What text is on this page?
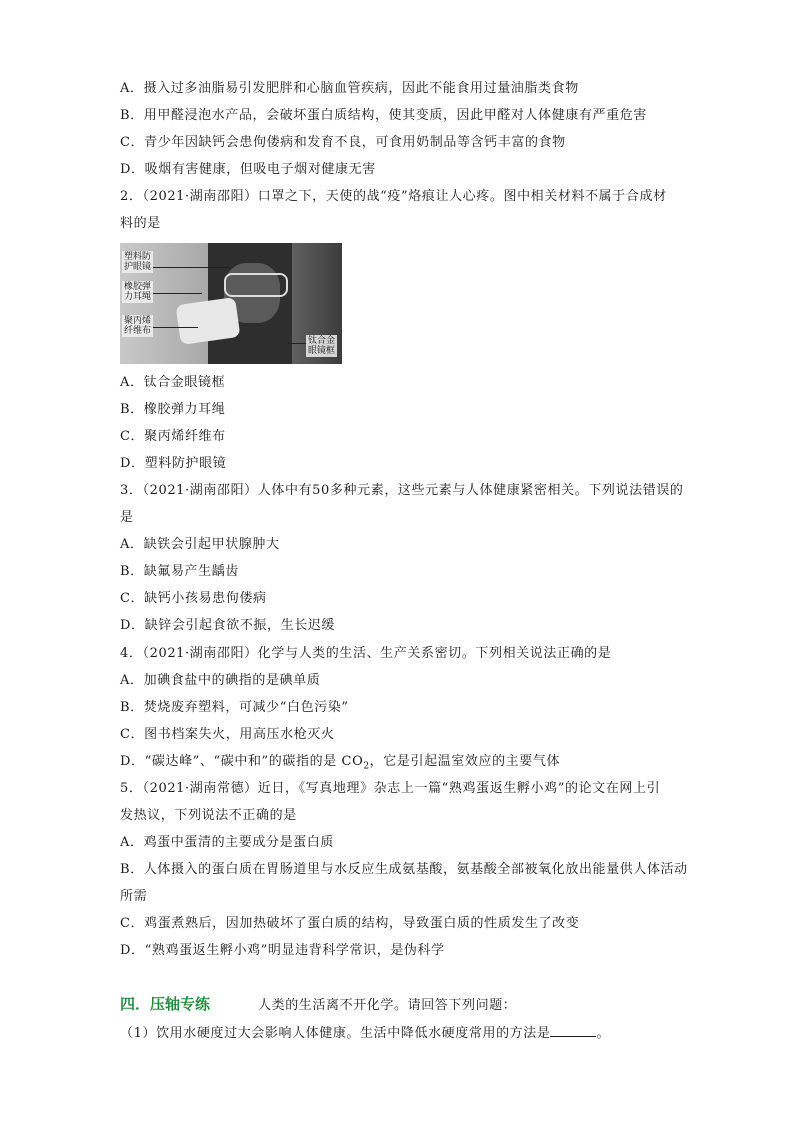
A．摄入过多油脂易引发肥胖和心脑血管疾病，因此不能食用过量油脂类食物
B．用甲醛浸泡水产品，会破坏蛋白质结构，使其变质，因此甲醛对人体健康有严重危害
C．青少年因缺钙会患佝偻病和发育不良，可食用奶制品等含钙丰富的食物
D．吸烟有害健康，但吸电子烟对健康无害
2．（2021·湖南邵阳）口罩之下，天使的战“疫”烙痕让人心疼。图中相关材料不属于合成材
料的是
塑料防
护眼镜
橡胶弹
力耳绳
聚丙烯
纤维布
钛合金
眼镜框
A．钛合金眼镜框
B．橡胶弹力耳绳
C．聚丙烯纤维布
D．塑料防护眼镜
3．（2021·湖南邵阳）人体中有50多种元素，这些元素与人体健康紧密相关。下列说法错误的
是
A．缺铁会引起甲状腺肿大
B．缺氟易产生龋齿
C．缺钙小孩易患佝偻病
D．缺锌会引起食欲不振，生长迟缓
4．（2021·湖南邵阳）化学与人类的生活、生产关系密切。下列相关说法正确的是
A．加碘食盐中的碘指的是碘单质
B．焚烧废弃塑料，可减少“白色污染”
C．图书档案失火，用高压水枪灭火
D．“碳达峰”、“碳中和”的碳指的是 $CO_2$，它是引起温室效应的主要气体
5．（2021·湖南常德）近日，《写真地理》杂志上一篇“熟鸡蛋返生孵小鸡”的论文在网上引
发热议，下列说法不正确的是
A．鸡蛋中蛋清的主要成分是蛋白质
B．人体摄入的蛋白质在胃肠道里与水反应生成氨基酸，氨基酸全部被氧化放出能量供人体活动
所需
C．鸡蛋煮熟后，因加热破坏了蛋白质的结构，导致蛋白质的性质发生了改变
D．“熟鸡蛋返生孵小鸡”明显违背科学常识，是伪科学
四．压轴专练	人类的生活离不开化学。请回答下列问题：
（1）饮用水硬度过大会影响人体健康。生活中降低水硬度常用的方法是	。
